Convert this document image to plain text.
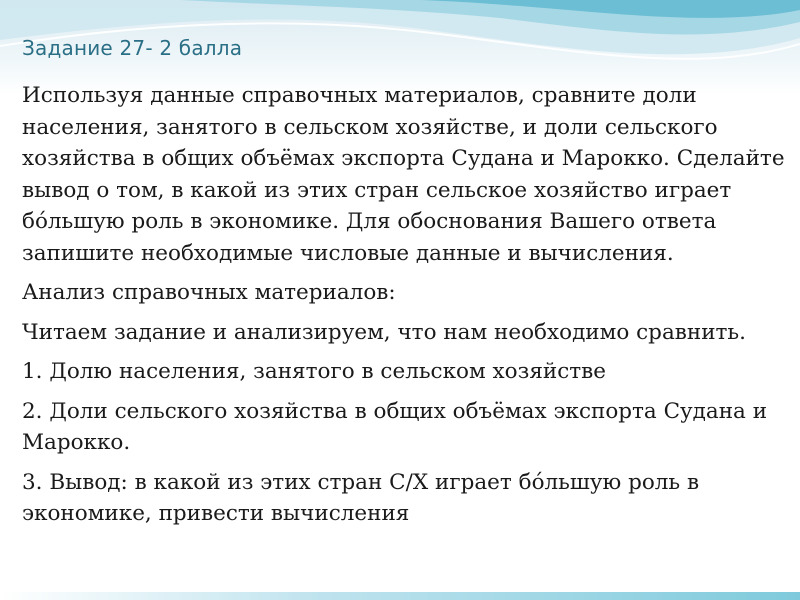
Задание 27- 2 балла

Используя данные справочных материалов, сравните доли населения, занятого в сельском хозяйстве, и доли сельского хозяйства в общих объёмах экспорта Судана и Марокко. Сделайте вывод о том, в какой из этих стран сельское хозяйство играет бóльшую роль в экономике. Для обоснования Вашего ответа запишите необходимые числовые данные и вычисления.

Анализ справочных материалов:

Читаем задание и анализируем, что нам необходимо сравнить.

1. Долю населения, занятого в сельском хозяйстве

2. Доли сельского хозяйства в общих объёмах экспорта Судана и Марокко.

3. Вывод: в какой из этих стран С/Х играет бóльшую роль в экономике, привести вычисления
